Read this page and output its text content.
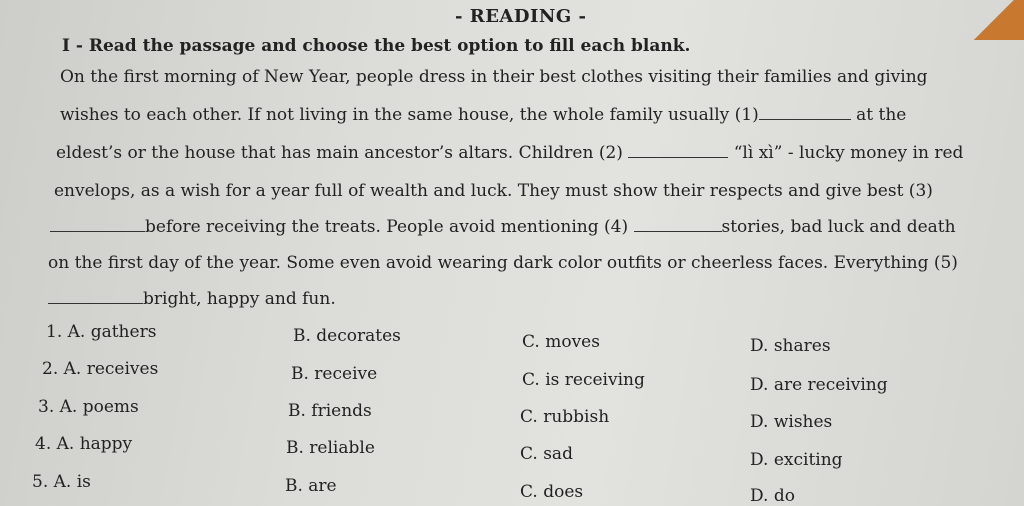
- READING -
I - Read the passage and choose the best option to fill each blank.
On the first morning of New Year, people dress in their best clothes visiting their families and giving
wishes to each other. If not living in the same house, the whole family usually (1)	at the
eldest’s or the house that has main ancestor’s altars. Children (2)	“lì xì” - lucky money in red
envelops, as a wish for a year full of wealth and luck. They must show their respects and give best (3)
before receiving the treats. People avoid mentioning (4)	stories, bad luck and death
on the first day of the year. Some even avoid wearing dark color outfits or cheerless faces. Everything (5)
bright, happy and fun.
1. A. gathers	B. decorates	C. moves	D. shares
2. A. receives	B. receive	C. is receiving	D. are receiving
3. A. poems	B. friends	C. rubbish	D. wishes
4. A. happy	B. reliable	C. sad	D. exciting
5. A. is	B. are	C. does	D. do
